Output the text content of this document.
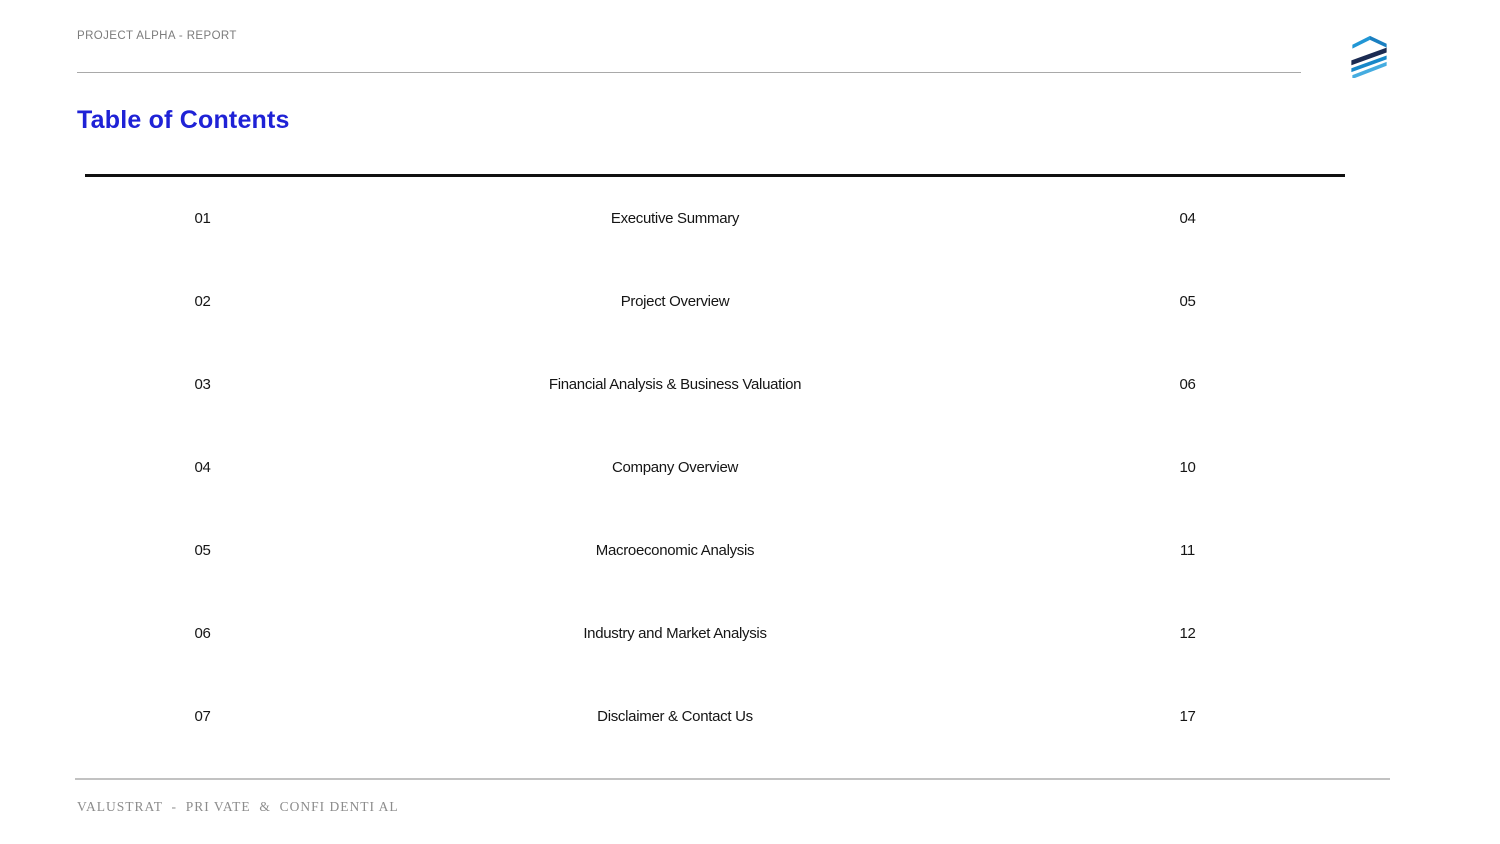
PROJECT ALPHA - REPORT
Table of Contents
01	Executive Summary	04
02	Project Overview	05
03	Financial Analysis & Business Valuation	06
04	Company Overview	10
05	Macroeconomic Analysis	11
06	Industry and Market Analysis	12
07	Disclaimer & Contact Us	17
VALUSTRAT  -  PRI VATE  &  CONFI DENTI AL
